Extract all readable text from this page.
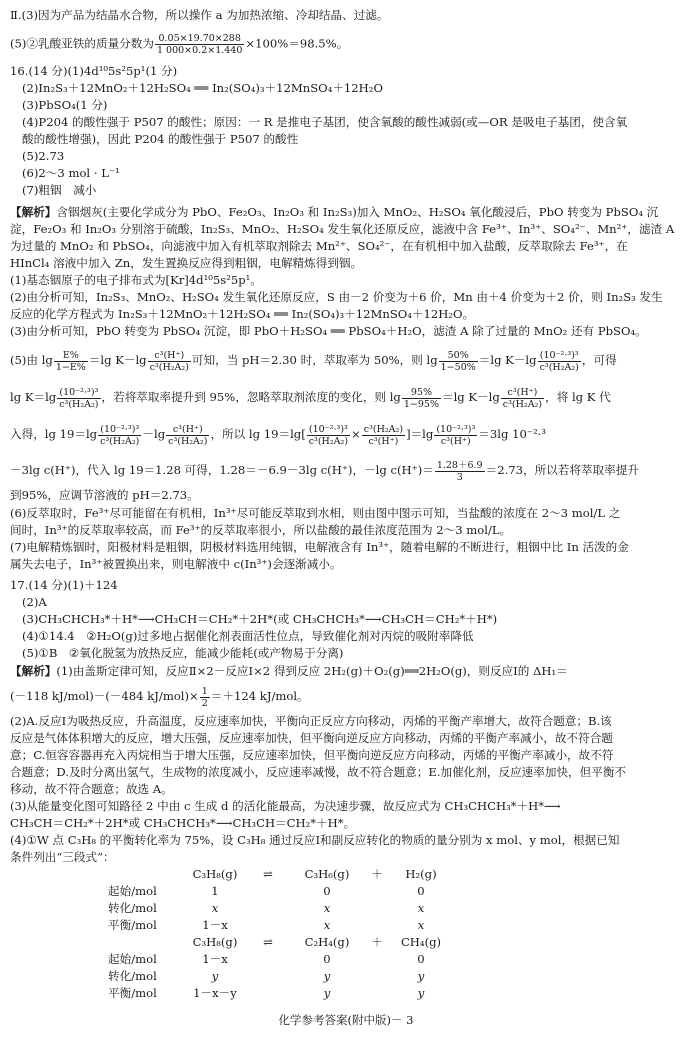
Ⅱ.(3)因为产品为结晶水合物，所以操作 a 为加热浓缩、冷却结晶、过滤。
(5)②乳酸亚铁的质量分数为 $\frac{0.05\times 19.70\times 288}{1 000\times 0.2\times 1.440} \times 100\%=98.5\%$。
16.(14 分)(1)4d¹⁰5s²5p¹(1 分)
(2)In₂S₃＋12MnO₂＋12H₂SO₄ ══ In₂(SO₄)₃＋12MnSO₄＋12H₂O
(3)PbSO₄(1 分)
(4)P204 的酸性强于 P507 的酸性；原因：一 R 是推电子基团，使含氧酸的酸性减弱(或—OR 是吸电子基团，使含氧
酸的酸性增强)，因此 P204 的酸性强于 P507 的酸性
(5)2.73
(6)2～3 mol · L⁻¹
(7)粗铟　减小
【解析】含铟烟灰(主要化学成分为 PbO、Fe₂O₃、In₂O₃ 和 In₂S₃)加入 MnO₂、H₂SO₄ 氧化酸浸后，PbO 转变为 PbSO₄ 沉
淀，Fe₂O₃ 和 In₂O₃ 分别溶于硫酸，In₂S₃、MnO₂、H₂SO₄ 发生氧化还原反应，滤液中含 Fe³⁺、In³⁺、SO₄²⁻、Mn²⁺，滤渣 A
为过量的 MnO₂ 和 PbSO₄，向滤液中加入有机萃取剂除去 Mn²⁺、SO₄²⁻，在有机相中加入盐酸，反萃取除去 Fe³⁺，在
HInCl₄ 溶液中加入 Zn，发生置换反应得到粗铟，电解精炼得到铟。
(1)基态铟原子的电子排布式为[Kr]4d¹⁰5s²5p¹。
(2)由分析可知，In₂S₃、MnO₂、H₂SO₄ 发生氧化还原反应，S 由－2 价变为＋6 价，Mn 由＋4 价变为＋2 价，则 In₂S₃ 发生
反应的化学方程式为 In₂S₃＋12MnO₂＋12H₂SO₄ ══ In₂(SO₄)₃＋12MnSO₄＋12H₂O。
(3)由分析可知，PbO 转变为 PbSO₄ 沉淀，即 PbO＋H₂SO₄ ══ PbSO₄＋H₂O，滤渣 A 除了过量的 MnO₂ 还有 PbSO₄。
(5)由 $\lg \frac{E\%}{1-E\%} =\lg$ $K-\lg \frac{\text{c³(H⁺)}}{\text{c³(H₂A₂)}}$ 可知，当 pH＝2.30 时，萃取率为 50%，则 $\lg \frac{50\%}{1-50\%} =\lg$ $K-\lg \frac{\text{(10⁻²·³)³}}{\text{c³(H₂A₂)}}$ ，可得
$\lg K=\lg \frac{\text{(10⁻²·³)³}}{\text{c³(H₂A₂)}}$ ，若将萃取率提升到 95%，忽略萃取剂浓度的变化，则 $\lg \frac{95\%}{1-95\%} =\lg$ $K-\lg \frac{\text{c³(H⁺)}}{\text{c³(H₂A₂)}}$ ，将 lg K 代
入得，$\lg 19=\lg \frac{\text{(10⁻²·³)³}}{\text{c³(H₂A₂)}} -\lg \frac{\text{c³(H⁺)}}{\text{c³(H₂A₂)}}$ ，所以 $\lg 19=\lg[ \frac{\text{(10⁻²·³)³}}{\text{c³(H₂A₂)}} \times \frac{\text{c³(H₂A₂)}}{\text{c³(H⁺)}} ]=\lg \frac{\text{(10⁻²·³)³}}{\text{c³(H⁺)}} =3\lg$ 10⁻²·³
－3lg c(H⁺)，代入 lg 19＝1.28 可得，1.28＝－6.9－3lg c(H⁺)，－lg $c(H^+)= \frac{1.28+6.9}{3} =2.73$，所以若将萃取率提升
到95%，应调节溶液的 pH＝2.73。
(6)反萃取时，Fe³⁺尽可能留在有机相，In³⁺尽可能反萃取到水相，则由图中图示可知，当盐酸的浓度在 2～3 mol/L 之
间时，In³⁺的反萃取率较高，而 Fe³⁺的反萃取率很小，所以盐酸的最佳浓度范围为 2～3 mol/L。
(7)电解精炼铟时，阳极材料是粗铟，阴极材料选用纯铟，电解液含有 In³⁺，随着电解的不断进行，粗铟中比 In 活泼的金
属失去电子，In³⁺被置换出来，则电解液中 c(In³⁺)会逐渐减小。
17.(14 分)(1)＋124
(2)A
(3)CH₃CHCH₃*＋H*⟶CH₃CH＝CH₂*＋2H*(或 CH₃CHCH₃*⟶CH₃CH＝CH₂*＋H*)
(4)①14.4　②H₂O(g)过多地占据催化剂表面活性位点，导致催化剂对丙烷的吸附率降低
(5)①B　②氧化脱氢为放热反应，能减少能耗(或产物易于分离)
【解析】(1)由盖斯定律可知，反应Ⅱ×2－反应Ⅰ×2 得到反应 2H₂(g)＋O₂(g)══2H₂O(g)，则反应Ⅰ的 ΔH₁＝
(－118 kJ/mol)－(－484 $kJ/mol)\times \frac{1}{2} =+124$ kJ/mol。
(2)A.反应Ⅰ为吸热反应，升高温度，反应速率加快，平衡向正反应方向移动，丙烯的平衡产率增大，故符合题意；B.该
反应是气体体积增大的反应，增大压强，反应速率加快，但平衡向逆反应方向移动，丙烯的平衡产率减小，故不符合题
意；C.恒容容器再充入丙烷相当于增大压强，反应速率加快，但平衡向逆反应方向移动，丙烯的平衡产率减小，故不符
合题意；D.及时分离出氢气，生成物的浓度减小，反应速率减慢，故不符合题意；E.加催化剂，反应速率加快，但平衡不
移动，故不符合题意；故选 A。
(3)从能量变化图可知路径 2 中由 c 生成 d 的活化能最高，为决速步骤，故反应式为 CH₃CHCH₃*＋H*⟶
CH₃CH＝CH₂*＋2H*或 CH₃CHCH₃*⟶CH₃CH＝CH₂*＋H*。
(4)①W 点 C₃H₈ 的平衡转化率为 75%，设 C₃H₈ 通过反应Ⅰ和副反应转化的物质的量分别为 x mol、y mol，根据已知
条件列出“三段式”：
	C₃H₈(g)	⇌	C₃H₆(g)	＋	H₂(g)
起始/mol	1		0		0
转化/mol	x		x		x
平衡/mol	1－x		x		x
	C₃H₈(g)	⇌	C₂H₄(g)	＋	CH₄(g)
起始/mol	1－x		0		0
转化/mol	y		y		y
平衡/mol	1－x－y		y		y
化学参考答案(附中版)－ 3
